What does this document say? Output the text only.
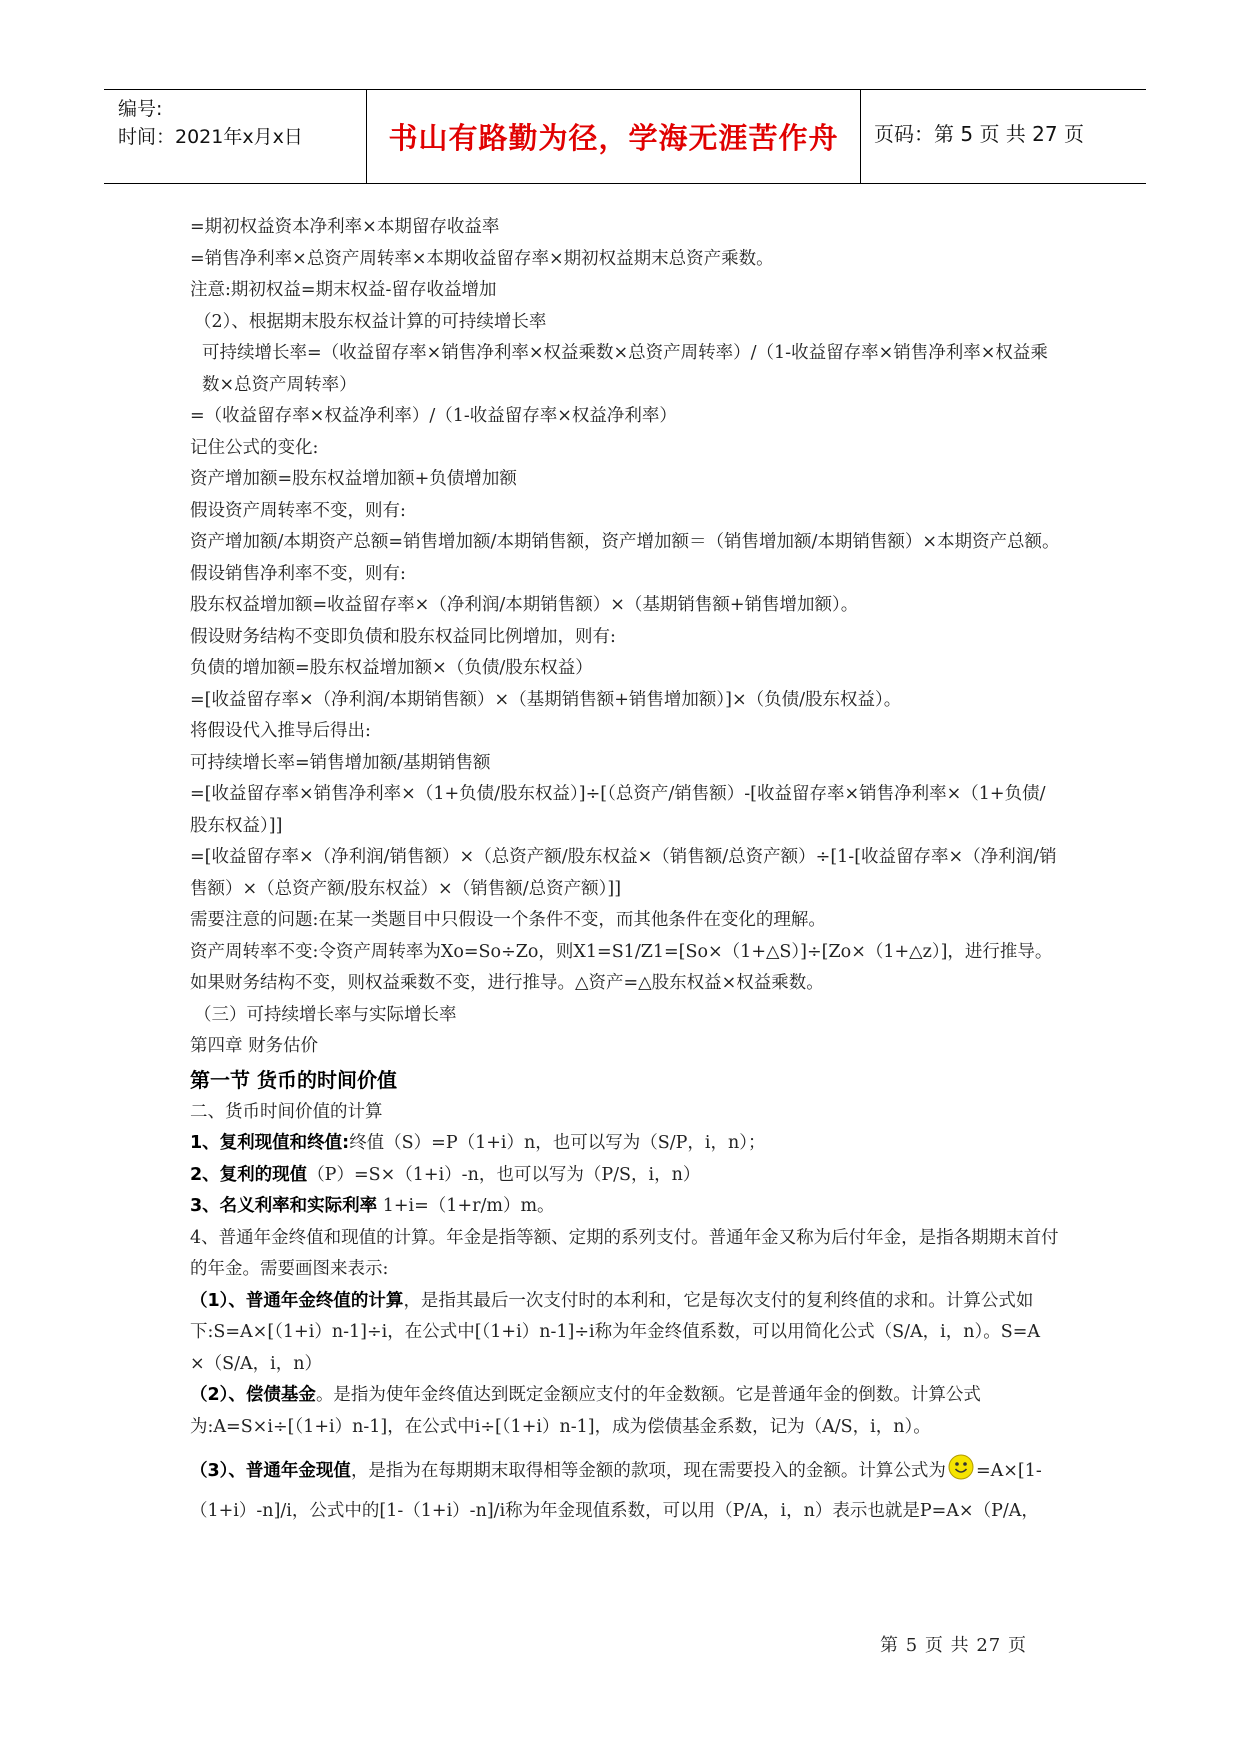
编号:
时间：2021年x月x日	书山有路勤为径，学海无涯苦作舟	页码：第 5 页 共 27 页
=期初权益资本净利率×本期留存收益率
=销售净利率×总资产周转率×本期收益留存率×期初权益期末总资产乘数。
注意:期初权益=期末权益-留存收益增加
（2）、根据期末股东权益计算的可持续增长率
可持续增长率=（收益留存率×销售净利率×权益乘数×总资产周转率）/（1-收益留存率×销售净利率×权益乘数×总资产周转率）
=（收益留存率×权益净利率）/（1-收益留存率×权益净利率）
记住公式的变化:
资产增加额=股东权益增加额+负债增加额
假设资产周转率不变，则有:
资产增加额/本期资产总额=销售增加额/本期销售额，资产增加额＝（销售增加额/本期销售额）×本期资产总额。
假设销售净利率不变，则有:
股东权益增加额=收益留存率×（净利润/本期销售额）×（基期销售额+销售增加额）。
假设财务结构不变即负债和股东权益同比例增加，则有:
负债的增加额=股东权益增加额×（负债/股东权益）
=[收益留存率×（净利润/本期销售额）×（基期销售额+销售增加额）]×（负债/股东权益）。
将假设代入推导后得出:
可持续增长率=销售增加额/基期销售额
=[收益留存率×销售净利率×（1+负债/股东权益）]÷[（总资产/销售额）-[收益留存率×销售净利率×（1+负债/股东权益）]]
=[收益留存率×（净利润/销售额）×（总资产额/股东权益×（销售额/总资产额）÷[1-[收益留存率×（净利润/销售额）×（总资产额/股东权益）×（销售额/总资产额）]]
需要注意的问题:在某一类题目中只假设一个条件不变，而其他条件在变化的理解。
资产周转率不变:令资产周转率为Xo=So÷Zo，则X1=S1/Z1=[So×（1+△S）]÷[Zo×（1+△z）]，进行推导。
如果财务结构不变，则权益乘数不变，进行推导。△资产=△股东权益×权益乘数。
（三）可持续增长率与实际增长率
第四章 财务估价
第一节 货币的时间价值
二、货币时间价值的计算
1、复利现值和终值:终值（S）=P（1+i）n，也可以写为（S/P，i，n）；
2、复利的现值（P）=S×（1+i）-n，也可以写为（P/S，i，n）
3、名义利率和实际利率 1+i=（1+r/m）m。
4、普通年金终值和现值的计算。年金是指等额、定期的系列支付。普通年金又称为后付年金，是指各期期末首付的年金。需要画图来表示:
（1）、普通年金终值的计算，是指其最后一次支付时的本利和，它是每次支付的复利终值的求和。计算公式如下:S=A×[（1+i）n-1]÷i，在公式中[（1+i）n-1]÷i称为年金终值系数，可以用简化公式（S/A，i，n）。S=A ×（S/A，i，n）
（2）、偿债基金。是指为使年金终值达到既定金额应支付的年金数额。它是普通年金的倒数。计算公式为:A=S×i÷[（1+i）n-1]，在公式中i÷[（1+i）n-1]，成为偿债基金系数，记为（A/S，i，n）。
（3）、普通年金现值，是指为在每期期末取得相等金额的款项，现在需要投入的金额。计算公式为 =A×[1-（1+i）-n]/i，公式中的[1-（1+i）-n]/i称为年金现值系数，可以用（P/A，i，n）表示也就是P=A×（P/A，
第 5 页 共 27 页
